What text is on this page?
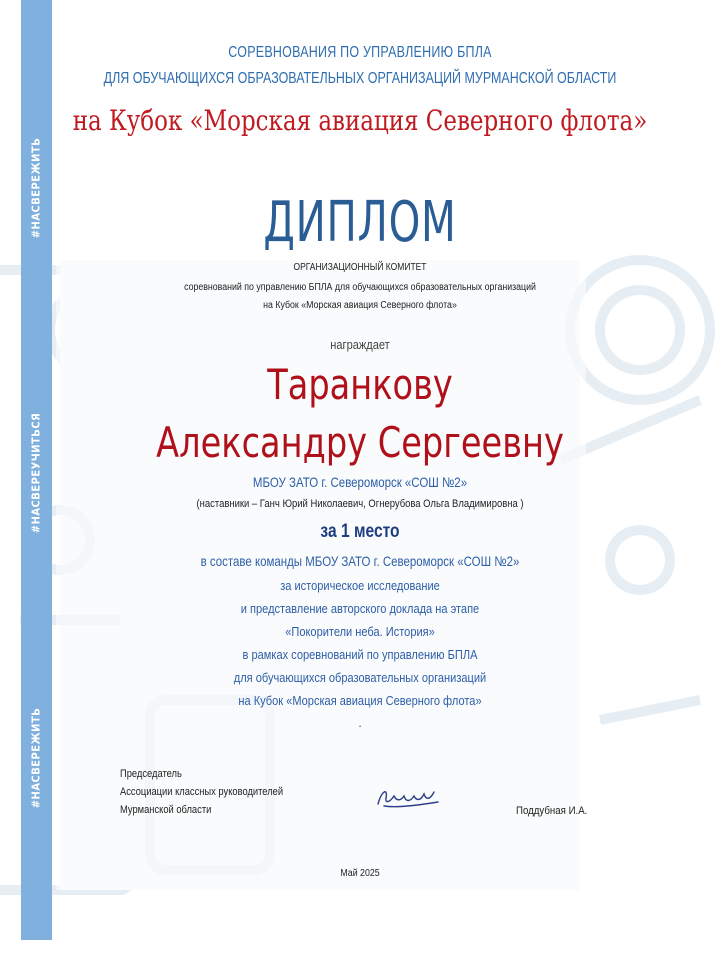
#НАСВЕРЕЖИТЬ
#НАСВЕРЕУЧИТЬСЯ
#НАСВЕРЕЖИТЬ

СОРЕВНОВАНИЯ ПО УПРАВЛЕНИЮ БПЛА

ДЛЯ ОБУЧАЮЩИХСЯ ОБРАЗОВАТЕЛЬНЫХ ОРГАНИЗАЦИЙ МУРМАНСКОЙ ОБЛАСТИ

на Кубок «Морская авиация Северного флота»

ДИПЛОМ

ОРГАНИЗАЦИОННЫЙ КОМИТЕТ

соревнований по управлению БПЛА для обучающихся образовательных организаций

на Кубок «Морская авиация Северного флота»

награждает

Таранкову

Александру Сергеевну

МБОУ ЗАТО г. Североморск «СОШ №2»

(наставники – Ганч Юрий Николаевич, Огнерубова Ольга Владимировна )

за 1 место

в составе команды МБОУ ЗАТО г. Североморск «СОШ №2»

за историческое исследование

и представление авторского доклада на этапе

«Покорители неба. История»

в рамках соревнований по управлению БПЛА

для обучающихся образовательных организаций

на Кубок «Морская авиация Северного флота»

.

Председатель

Ассоциации классных руководителей

Мурманской области	Поддубная И.А.

Май 2025
